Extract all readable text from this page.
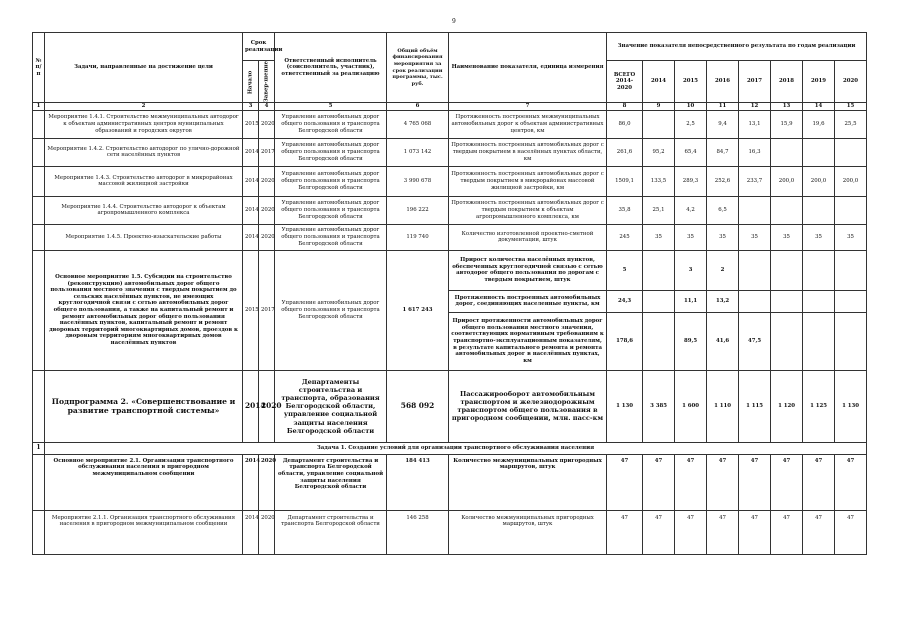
9
№ п/п	Задачи, направленные на достижение цели	Срок реализации		Ответственный исполнитель (соисполнитель, участник), ответственный за реализацию	Общий объём финансирования мероприятия за срок реализации программы, тыс. руб.	Наименование показателя, единица измерения	Значение показателя непосредственного результата по годам реализации							
		Начало	Завер-шение				ВСЕГО 2014-2020	2014	2015	2016	2017	2018	2019	2020
1	2	3	4	5	6	7	8	9	10	11	12	13	14	15
	Мероприятие 1.4.1. Строительство межмуниципальных автодорог к объектам административных центров муниципальных образований и городских округов	2015	2020	Управление автомобильных дорог общего пользования и транспорта Белгородской области	4 765 068	Протяженность построенных межмуниципальных автомобильных дорог к объектам административных центров, км	86,0		2,5	9,4	13,1	15,9	19,6	25,5
	Мероприятие 1.4.2. Строительство автодорог по улично-дорожной сети населённых пунктов	2014	2017	Управление автомобильных дорог общего пользования и транспорта Белгородской области	1 073 142	Протяженность построенных автомобильных дорог с твердым покрытием в населённых пунктах области, км	261,6	95,2	65,4	84,7	16,3			
	Мероприятие 1.4.3. Строительство автодорог в микрорайонах массовой жилищной застройки	2014	2020	Управление автомобильных дорог общего пользования и транспорта Белгородской области	3 990 678	Протяженность построенных автомобильных дорог с твердым покрытием в микрорайонах массовой жилищной застройки, км	1509,1	133,5	289,3	252,6	233,7	200,0	200,0	200,0
	Мероприятие 1.4.4. Строительство автодорог к объектам агропромышленного комплекса	2014	2020	Управление автомобильных дорог общего пользования и транспорта Белгородской области	196 222	Протяженность построенных автомобильных дорог с твердым покрытием к объектам агропромышленного комплекса, км	35,8	25,1	4,2	6,5				
	Мероприятие 1.4.5. Проектно-изыскательские работы	2014	2020	Управление автомобильных дорог общего пользования и транспорта Белгородской области	119 740	Количество изготовленной проектно-сметной документации, штук	245	35	35	35	35	35	35	35
	Основное мероприятие 1.5. Субсидии на строительство (реконструкцию) автомобильных дорог общего пользования местного значения с твердым покрытием до сельских населённых пунктов, не имеющих круглогодичной связи с сетью автомобильных дорог общего пользования, а также на капитальный ремонт и ремонт автомобильных дорог общего пользования населённых пунктов, капитальный ремонт и ремонт дворовых территорий многоквартирных домов, проездов к дворовым территориям многоквартирных домов населённых пунктов	2015	2017	Управление автомобильных дорог общего пользования и транспорта Белгородской области	1 617 243	Прирост количества населённых пунктов, обеспеченных круглогодичной связью с сетью автодорог общего пользования по дорогам с твердым покрытием, штук	5		3	2				
						Протяженность построенных автомобильных дорог, соединяющих населенные пункты, км	24,3		11,1	13,2				
						Прирост протяженности автомобильных дорог общего пользования местного значения, соответствующих нормативным требованиям к транспортно-эксплуатационным показателям, в результате капитального ремонта и ремонта автомобильных дорог в населённых пунктах, км	178,6		89,5	41,6	47,5			
	Подпрограмма 2. «Совершенствование и развитие транспортной системы»	2014	2020	Департаменты строительства и транспорта, образования Белгородской области, управление социальной защиты населения Белгородской области	568 092	Пассажирооборот автомобильным транспортом и железнодорожным транспортом общего пользования в пригородном сообщении, млн. пасс-км	1 130	3 385	1 600	1 110	1 115	1 120	1 125	1 130
1	Задача 1. Создание условий для организации транспортного обслуживания населения													
	Основное мероприятие 2.1. Организация транспортного обслуживания населения в пригородном межмуниципальном сообщении	2014	2020	Департамент строительства и транспорта Белгородской области, управление социальной защиты населения Белгородской области	184 413	Количество межмуниципальных пригородных маршрутов, штук	47	47	47	47	47	47	47	47
	Мероприятие 2.1.1. Организация транспортного обслуживания населения в пригородном межмуниципальном сообщении	2014	2020	Департамент строительства и транспорта Белгородской области	146 258	Количество межмуниципальных пригородных маршрутов, штук	47	47	47	47	47	47	47	47
